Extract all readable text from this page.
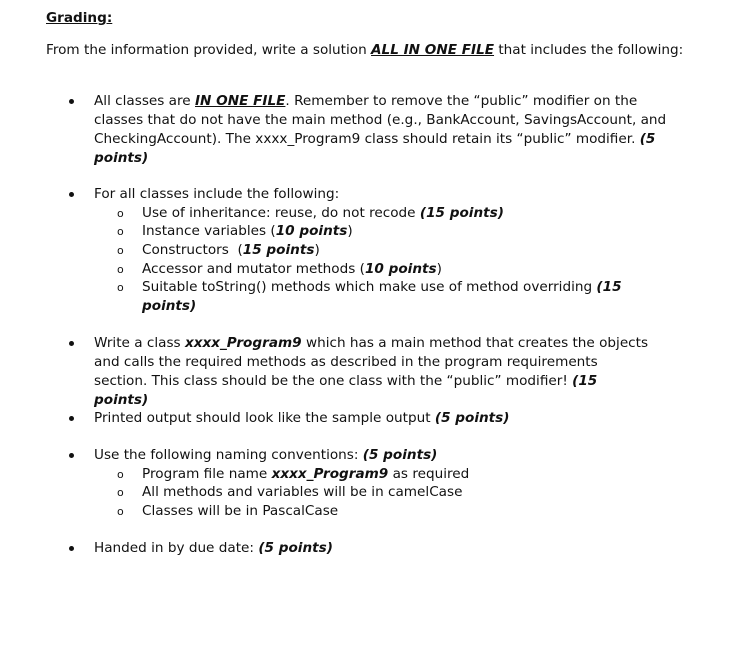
Grading:
From the information provided, write a solution ALL IN ONE FILE that includes the following:
All classes are IN ONE FILE. Remember to remove the “public” modifier on the classes that do not have the main method (e.g., BankAccount, SavingsAccount, and CheckingAccount). The xxxx_Program9 class should retain its “public” modifier. (5 points)
For all classes include the following:
o Use of inheritance: reuse, do not recode (15 points)
o Instance variables (10 points)
o Constructors  (15 points)
o Accessor and mutator methods (10 points)
o Suitable toString() methods which make use of method overriding (15 points)
Write a class xxxx_Program9 which has a main method that creates the objects and calls the required methods as described in the program requirements section. This class should be the one class with the “public” modifier! (15 points)
Printed output should look like the sample output (5 points)
Use the following naming conventions: (5 points)
o Program file name xxxx_Program9 as required
o All methods and variables will be in camelCase
o Classes will be in PascalCase
Handed in by due date: (5 points)
